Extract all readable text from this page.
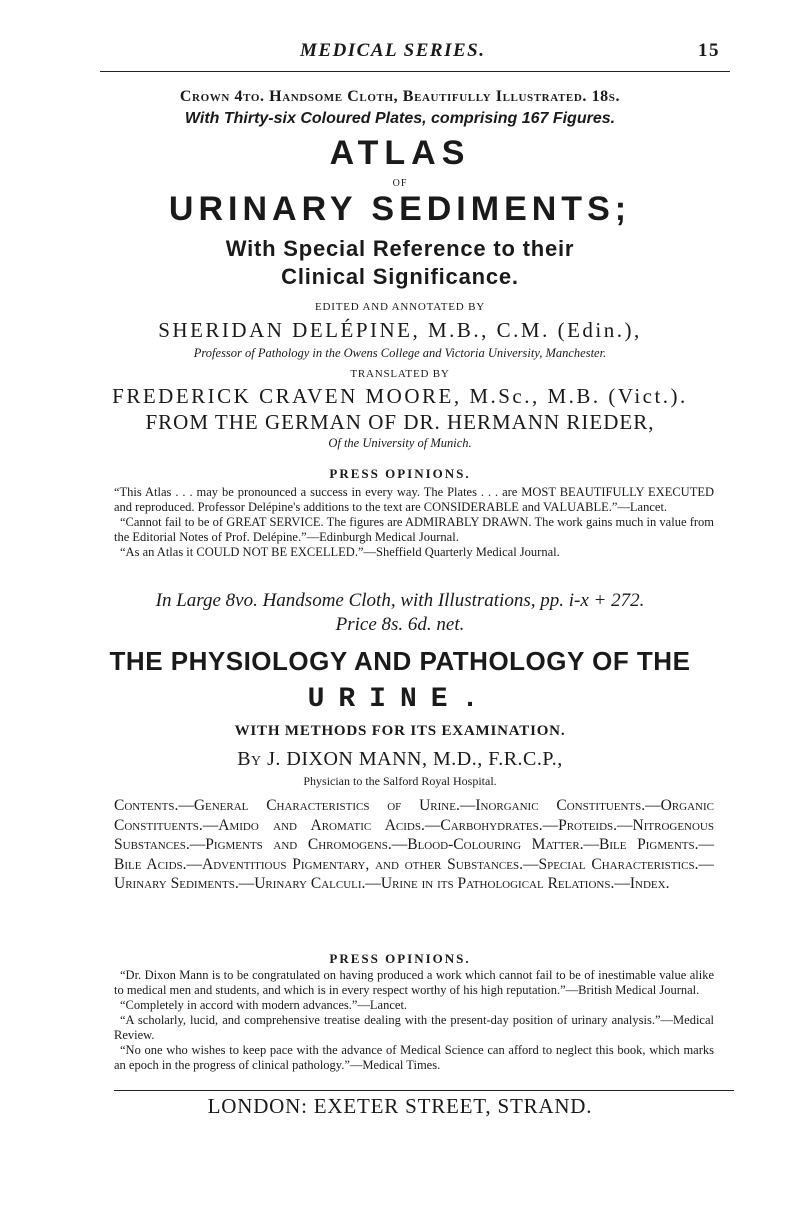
MEDICAL SERIES.	15
Crown 4to. Handsome Cloth, Beautifully Illustrated. 18s.
With Thirty-six Coloured Plates, comprising 167 Figures.
ATLAS
OF
URINARY SEDIMENTS;
With Special Reference to their
Clinical Significance.
EDITED AND ANNOTATED BY
SHERIDAN DELÉPINE, M.B., C.M. (Edin.),
Professor of Pathology in the Owens College and Victoria University, Manchester.
TRANSLATED BY
FREDERICK CRAVEN MOORE, M.Sc., M.B. (Vict.).
FROM THE GERMAN OF DR. HERMANN RIEDER,
Of the University of Munich.
PRESS OPINIONS.

“This Atlas . . . may be pronounced a success in every way. The Plates . . . are MOST BEAUTIFULLY EXECUTED and reproduced. Professor Delépine's additions to the text are CONSIDERABLE and VALUABLE.”—Lancet.

“Cannot fail to be of GREAT SERVICE. The figures are ADMIRABLY DRAWN. The work gains much in value from the Editorial Notes of Prof. Delépine.”—Edinburgh Medical Journal.

“As an Atlas it COULD NOT BE EXCELLED.”—Sheffield Quarterly Medical Journal.

In Large 8vo. Handsome Cloth, with Illustrations, pp. i-x + 272.
Price 8s. 6d. net.
THE PHYSIOLOGY AND PATHOLOGY OF THE
URINE.
WITH METHODS FOR ITS EXAMINATION.
By J. DIXON MANN, M.D., F.R.C.P.,
Physician to the Salford Royal Hospital.

Contents.—General Characteristics of Urine.—Inorganic Constituents.—Organic Constituents.—Amido and Aromatic Acids.—Carbohydrates.—Proteids.—Nitrogenous Substances.—Pigments and Chromogens.—Blood-Colouring Matter.—Bile Pigments.—Bile Acids.—Adventitious Pigmentary, and other Substances.—Special Characteristics.—Urinary Sediments.—Urinary Calculi.—Urine in its Pathological Relations.—Index.

PRESS OPINIONS.

“Dr. Dixon Mann is to be congratulated on having produced a work which cannot fail to be of inestimable value alike to medical men and students, and which is in every respect worthy of his high reputation.”—British Medical Journal.

“Completely in accord with modern advances.”—Lancet.

“A scholarly, lucid, and comprehensive treatise dealing with the present-day position of urinary analysis.”—Medical Review.

“No one who wishes to keep pace with the advance of Medical Science can afford to neglect this book, which marks an epoch in the progress of clinical pathology.”—Medical Times.

LONDON: EXETER STREET, STRAND.
